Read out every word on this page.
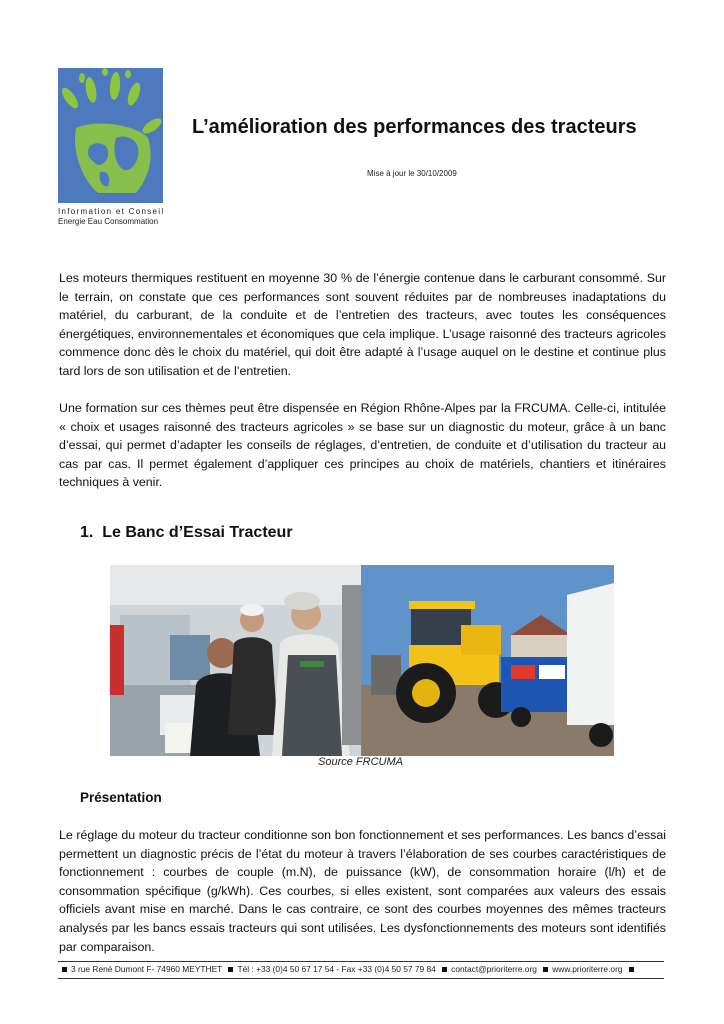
prioriterre
Information et Conseil
Energie Eau Consommation
L’amélioration des performances des tracteurs
Mise à jour le 30/10/2009

Les moteurs thermiques restituent en moyenne 30 % de l’énergie contenue dans le carburant consommé. Sur le terrain, on constate que ces performances sont souvent réduites par de nombreuses inadaptations du matériel, du carburant, de la conduite et de l’entretien des tracteurs, avec toutes les conséquences énergétiques, environnementales et économiques que cela implique. L’usage raisonné des tracteurs agricoles commence donc dès le choix du matériel, qui doit être adapté à l’usage auquel on le destine et continue plus tard lors de son utilisation et de l’entretien.

Une formation sur ces thèmes peut être dispensée en Région Rhône-Alpes par la FRCUMA. Celle-ci, intitulée « choix et usages raisonné des tracteurs agricoles » se base sur un diagnostic du moteur, grâce à un banc d’essai, qui permet d’adapter les conseils de réglages, d’entretien, de conduite et d’utilisation du tracteur au cas par cas. Il permet également d’appliquer ces principes au choix de matériels, chantiers et itinéraires techniques à venir.

1. Le Banc d’Essai Tracteur
Source FRCUMA
Présentation

Le réglage du moteur du tracteur conditionne son bon fonctionnement et ses performances. Les bancs d’essai permettent un diagnostic précis de l’état du moteur à travers l’élaboration de ses courbes caractéristiques de fonctionnement : courbes de couple (m.N), de puissance (kW), de consommation horaire (l/h) et de consommation spécifique (g/kWh). Ces courbes, si elles existent, sont comparées aux valeurs des essais officiels avant mise en marché. Dans le cas contraire, ce sont des courbes moyennes des mêmes tracteurs analysés par les bancs essais tracteurs qui sont utilisées. Les dysfonctionnements des moteurs sont identifiés par comparaison.

3 rue René Dumont F- 74960 MEYTHET Tél : +33 (0)4 50 67 17 54 - Fax +33 (0)4 50 57 79 84 contact@prioriterre.org www.prioriterre.org
